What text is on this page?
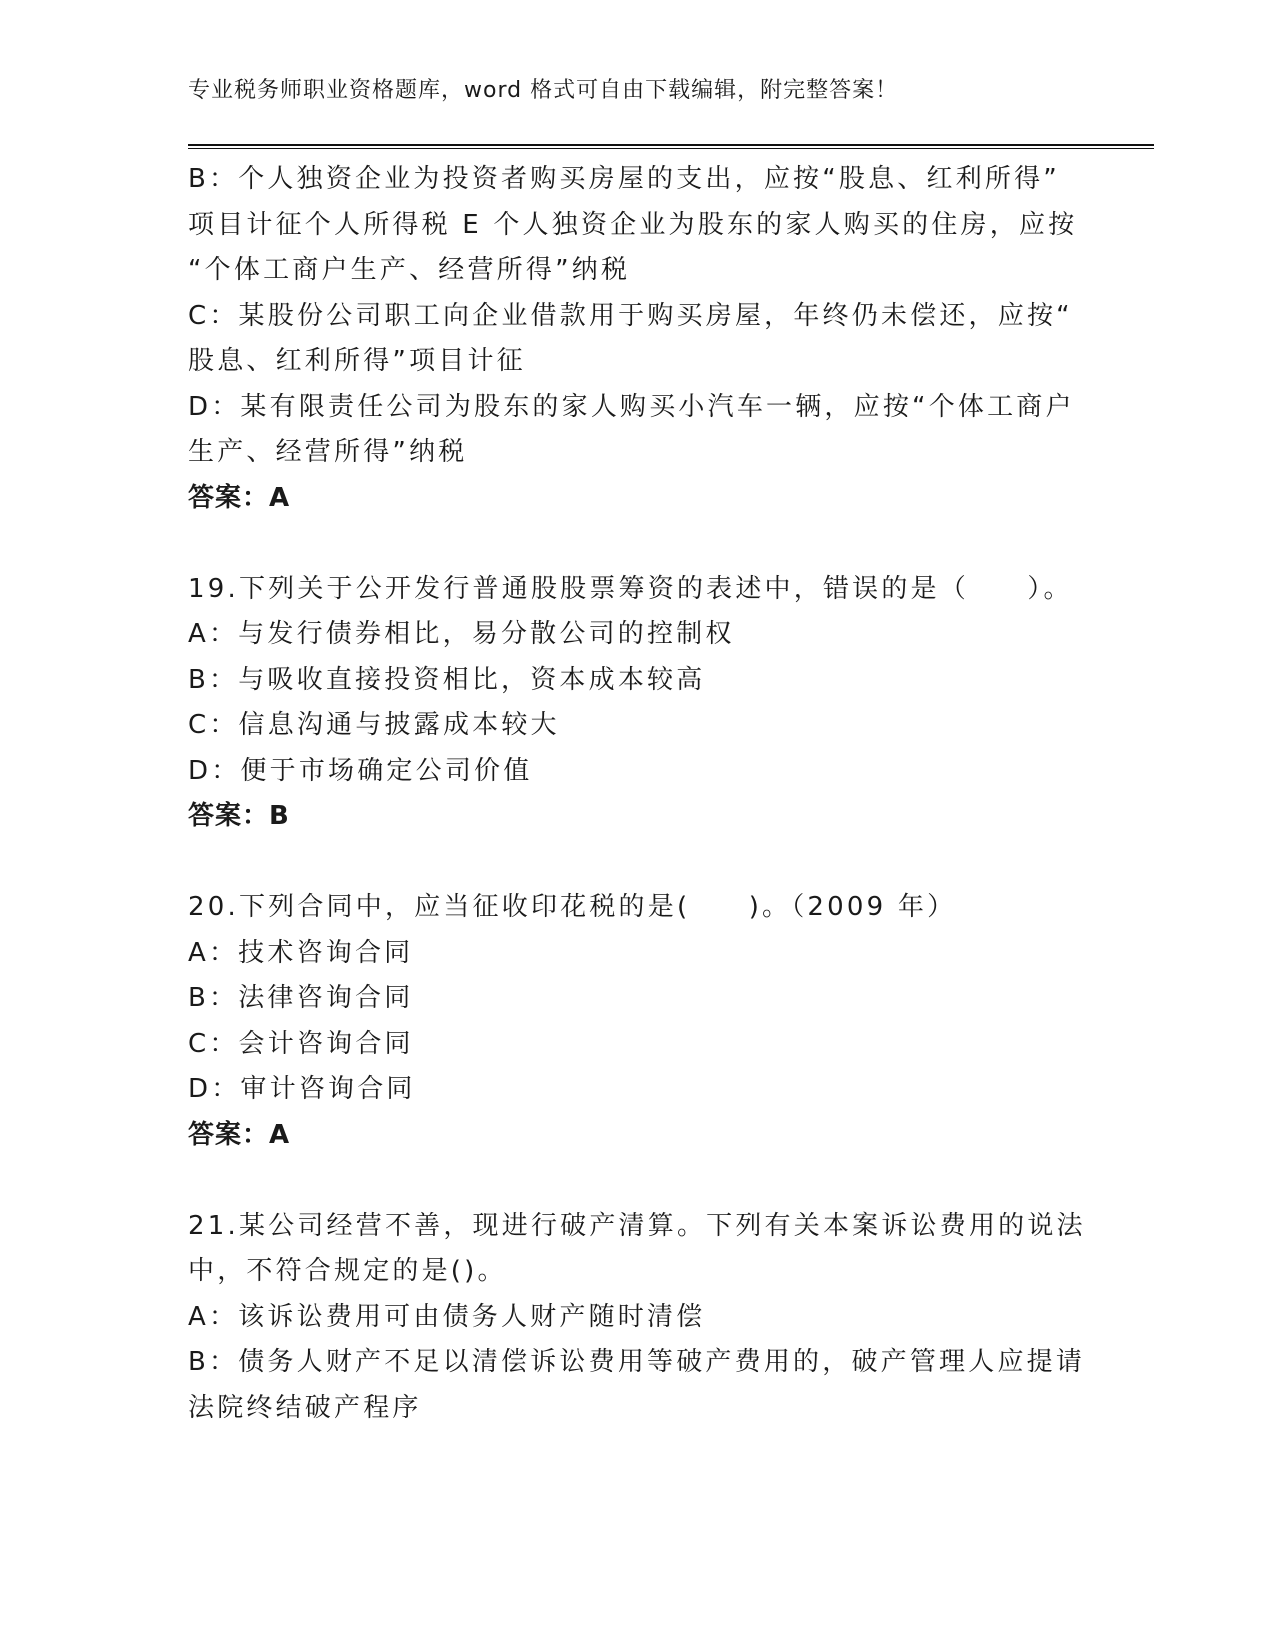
专业税务师职业资格题库，word 格式可自由下载编辑，附完整答案！
B：个人独资企业为投资者购买房屋的支出，应按“股息、红利所得”
项目计征个人所得税 E 个人独资企业为股东的家人购买的住房，应按
“个体工商户生产、经营所得”纳税
C：某股份公司职工向企业借款用于购买房屋，年终仍未偿还，应按“
股息、红利所得”项目计征
D：某有限责任公司为股东的家人购买小汽车一辆，应按“个体工商户
生产、经营所得”纳税
答案：A
19.下列关于公开发行普通股股票筹资的表述中，错误的是（　　）。
A：与发行债券相比，易分散公司的控制权
B：与吸收直接投资相比，资本成本较高
C：信息沟通与披露成本较大
D：便于市场确定公司价值
答案：B
20.下列合同中，应当征收印花税的是(　　)。（2009 年）
A：技术咨询合同
B：法律咨询合同
C：会计咨询合同
D：审计咨询合同
答案：A
21.某公司经营不善，现进行破产清算。下列有关本案诉讼费用的说法
中，不符合规定的是()。
A：该诉讼费用可由债务人财产随时清偿
B：债务人财产不足以清偿诉讼费用等破产费用的，破产管理人应提请
法院终结破产程序
